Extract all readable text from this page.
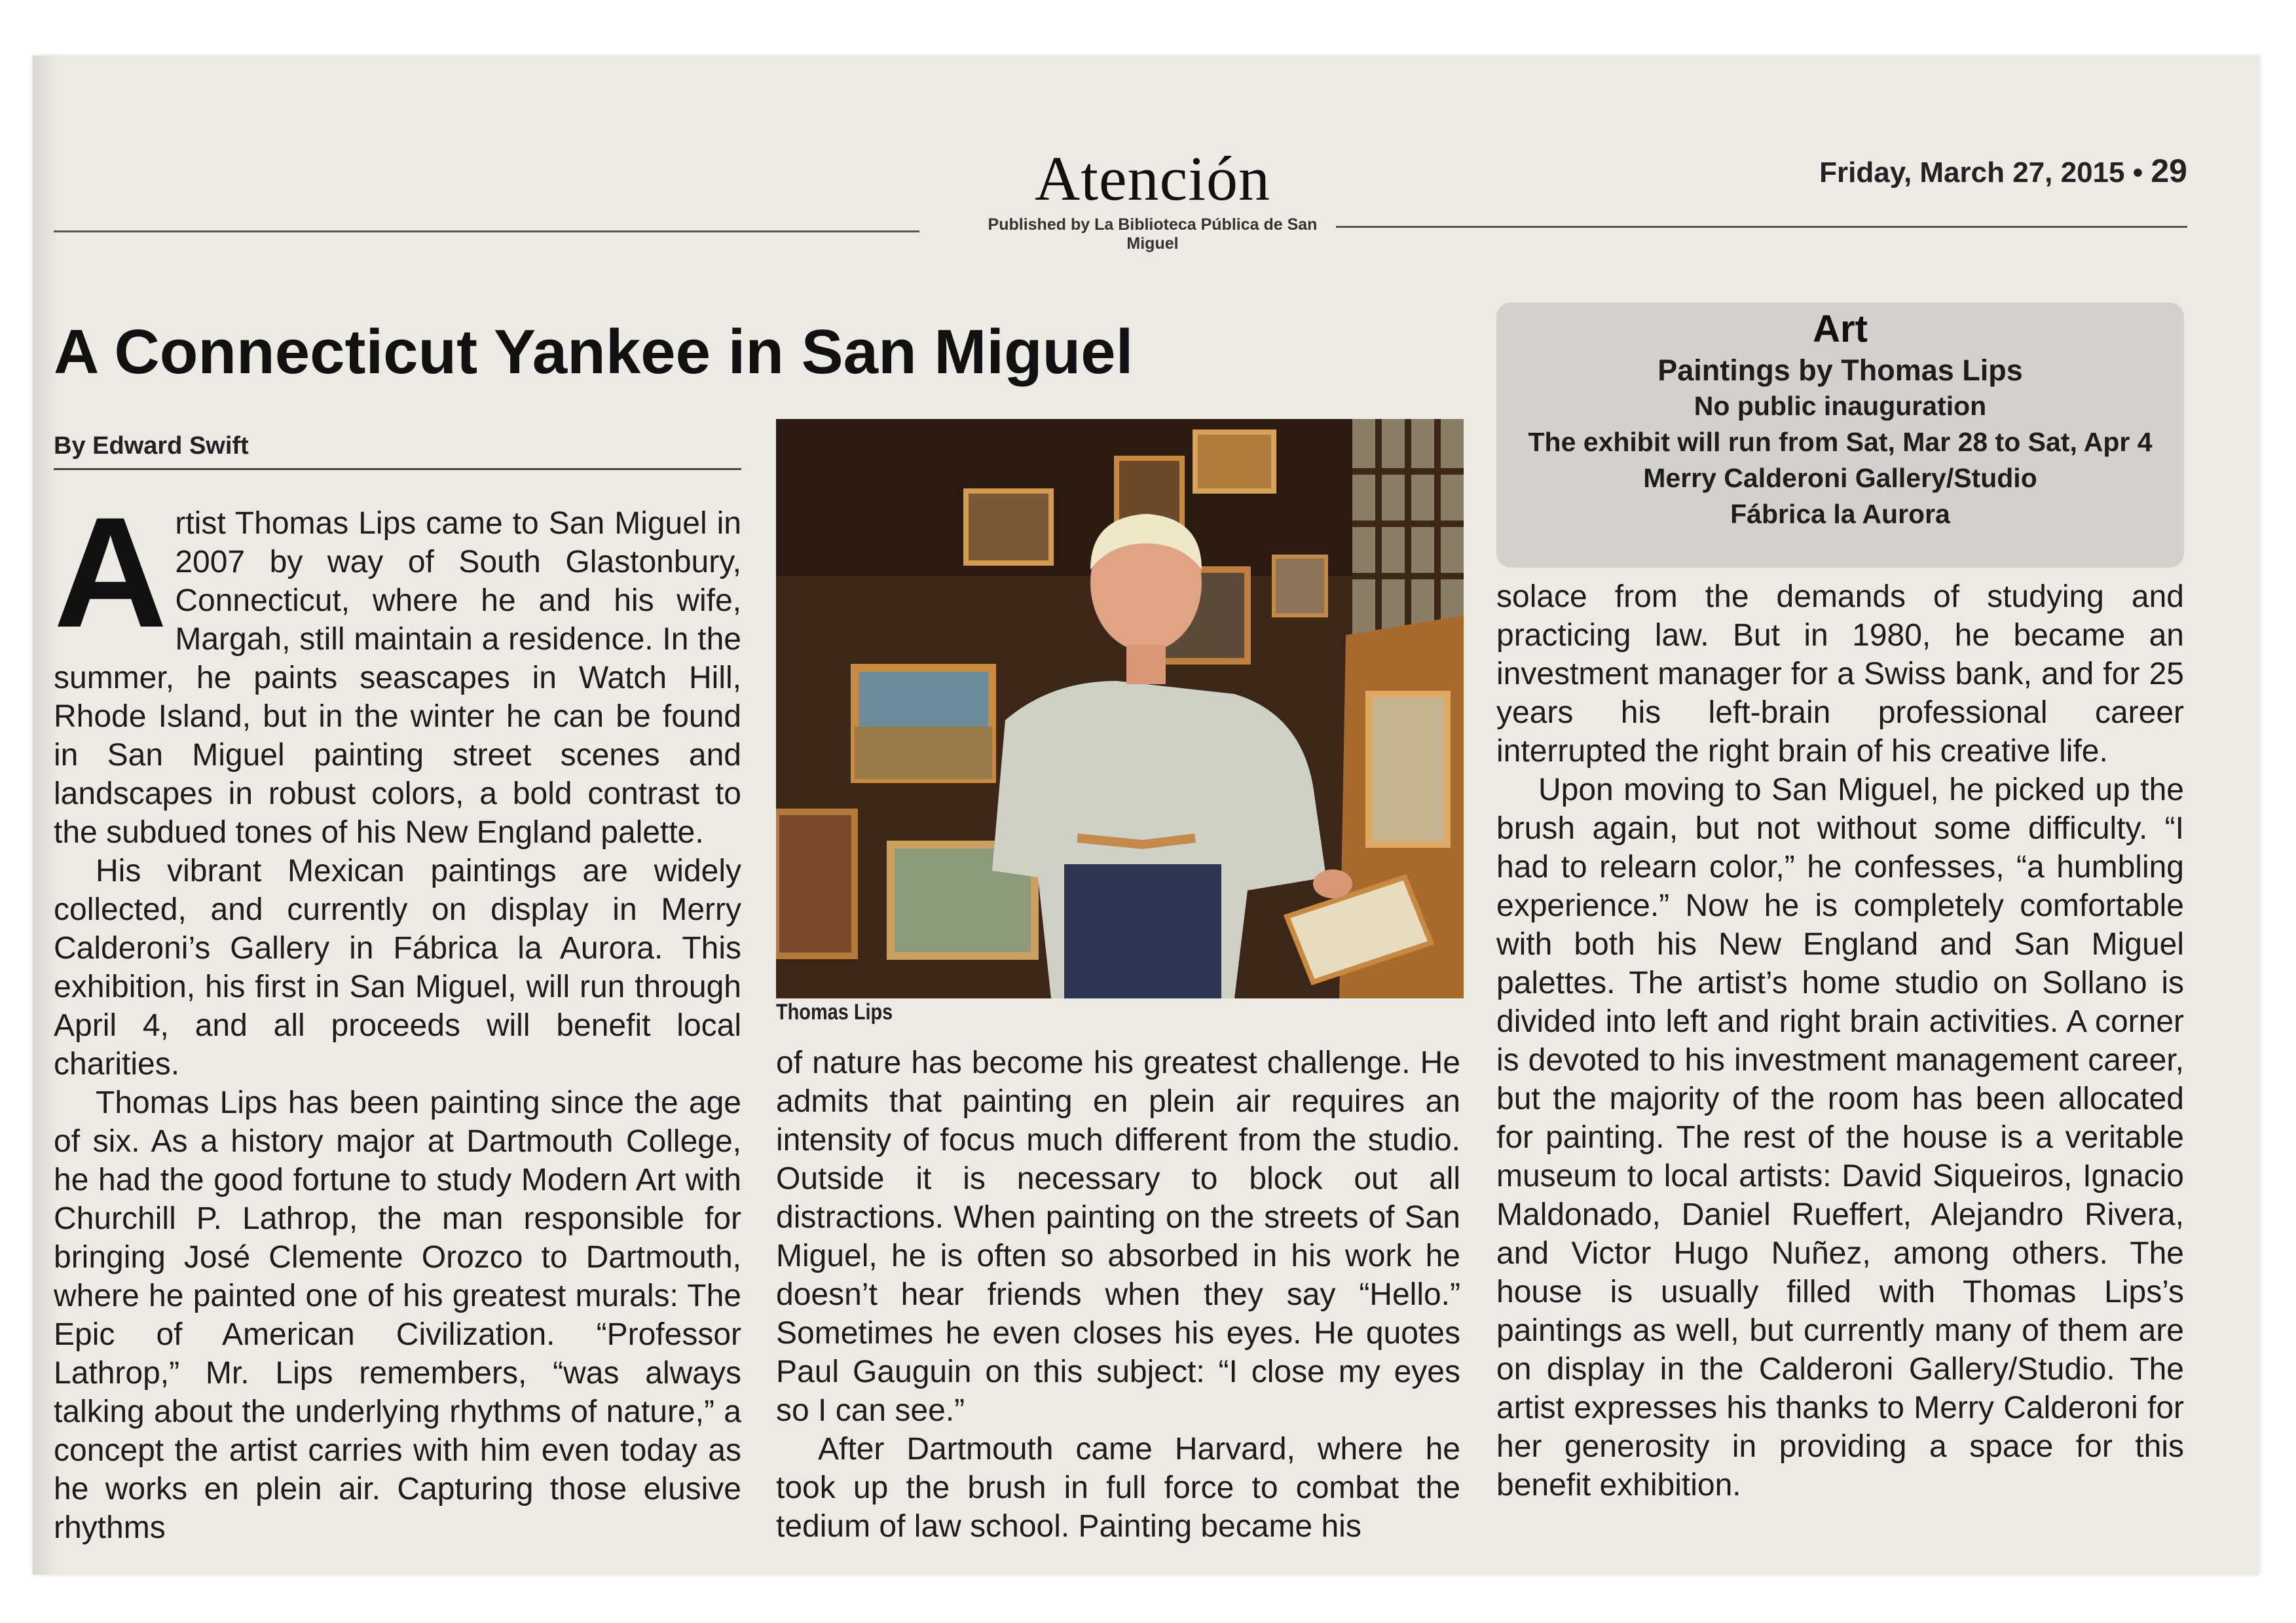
Atención
Published by La Biblioteca Pública de San Miguel
Friday, March 27, 2015 • 29
A Connecticut Yankee in San Miguel
By Edward Swift

Artist Thomas Lips came to San Miguel in 2007 by way of South Glastonbury, Connecticut, where he and his wife, Margah, still maintain a residence. In the summer, he paints seascapes in Watch Hill, Rhode Island, but in the winter he can be found in San Miguel painting street scenes and landscapes in robust colors, a bold contrast to the subdued tones of his New England palette.

His vibrant Mexican paintings are widely collected, and currently on display in Merry Calderoni’s Gallery in Fábrica la Aurora. This exhibition, his first in San Miguel, will run through April 4, and all proceeds will benefit local charities.

Thomas Lips has been painting since the age of six. As a history major at Dartmouth College, he had the good fortune to study Modern Art with Churchill P. Lathrop, the man responsible for bringing José Clemente Orozco to Dartmouth, where he painted one of his greatest murals: The Epic of American Civilization. “Professor Lathrop,” Mr. Lips remembers, “was always talking about the underlying rhythms of nature,” a concept the artist carries with him even today as he works en plein air. Capturing those elusive rhythms

Thomas Lips

of nature has become his greatest challenge. He admits that painting en plein air requires an intensity of focus much different from the studio. Outside it is necessary to block out all distractions. When painting on the streets of San Miguel, he is often so absorbed in his work he doesn’t hear friends when they say “Hello.” Sometimes he even closes his eyes. He quotes Paul Gauguin on this subject: “I close my eyes so I can see.”

After Dartmouth came Harvard, where he took up the brush in full force to combat the tedium of law school. Painting became his

Art
Paintings by Thomas Lips
No public inauguration
The exhibit will run from Sat, Mar 28 to Sat, Apr 4
Merry Calderoni Gallery/Studio
Fábrica la Aurora

solace from the demands of studying and practicing law. But in 1980, he became an investment manager for a Swiss bank, and for 25 years his left-brain professional career interrupted the right brain of his creative life.

Upon moving to San Miguel, he picked up the brush again, but not without some difficulty. “I had to relearn color,” he confesses, “a humbling experience.” Now he is completely comfortable with both his New England and San Miguel palettes. The artist’s home studio on Sollano is divided into left and right brain activities. A corner is devoted to his investment management career, but the majority of the room has been allocated for painting. The rest of the house is a veritable museum to local artists: David Siqueiros, Ignacio Maldonado, Daniel Rueffert, Alejandro Rivera, and Victor Hugo Nuñez, among others. The house is usually filled with Thomas Lips’s paintings as well, but currently many of them are on display in the Calderoni Gallery/Studio. The artist expresses his thanks to Merry Calderoni for her generosity in providing a space for this benefit exhibition.
